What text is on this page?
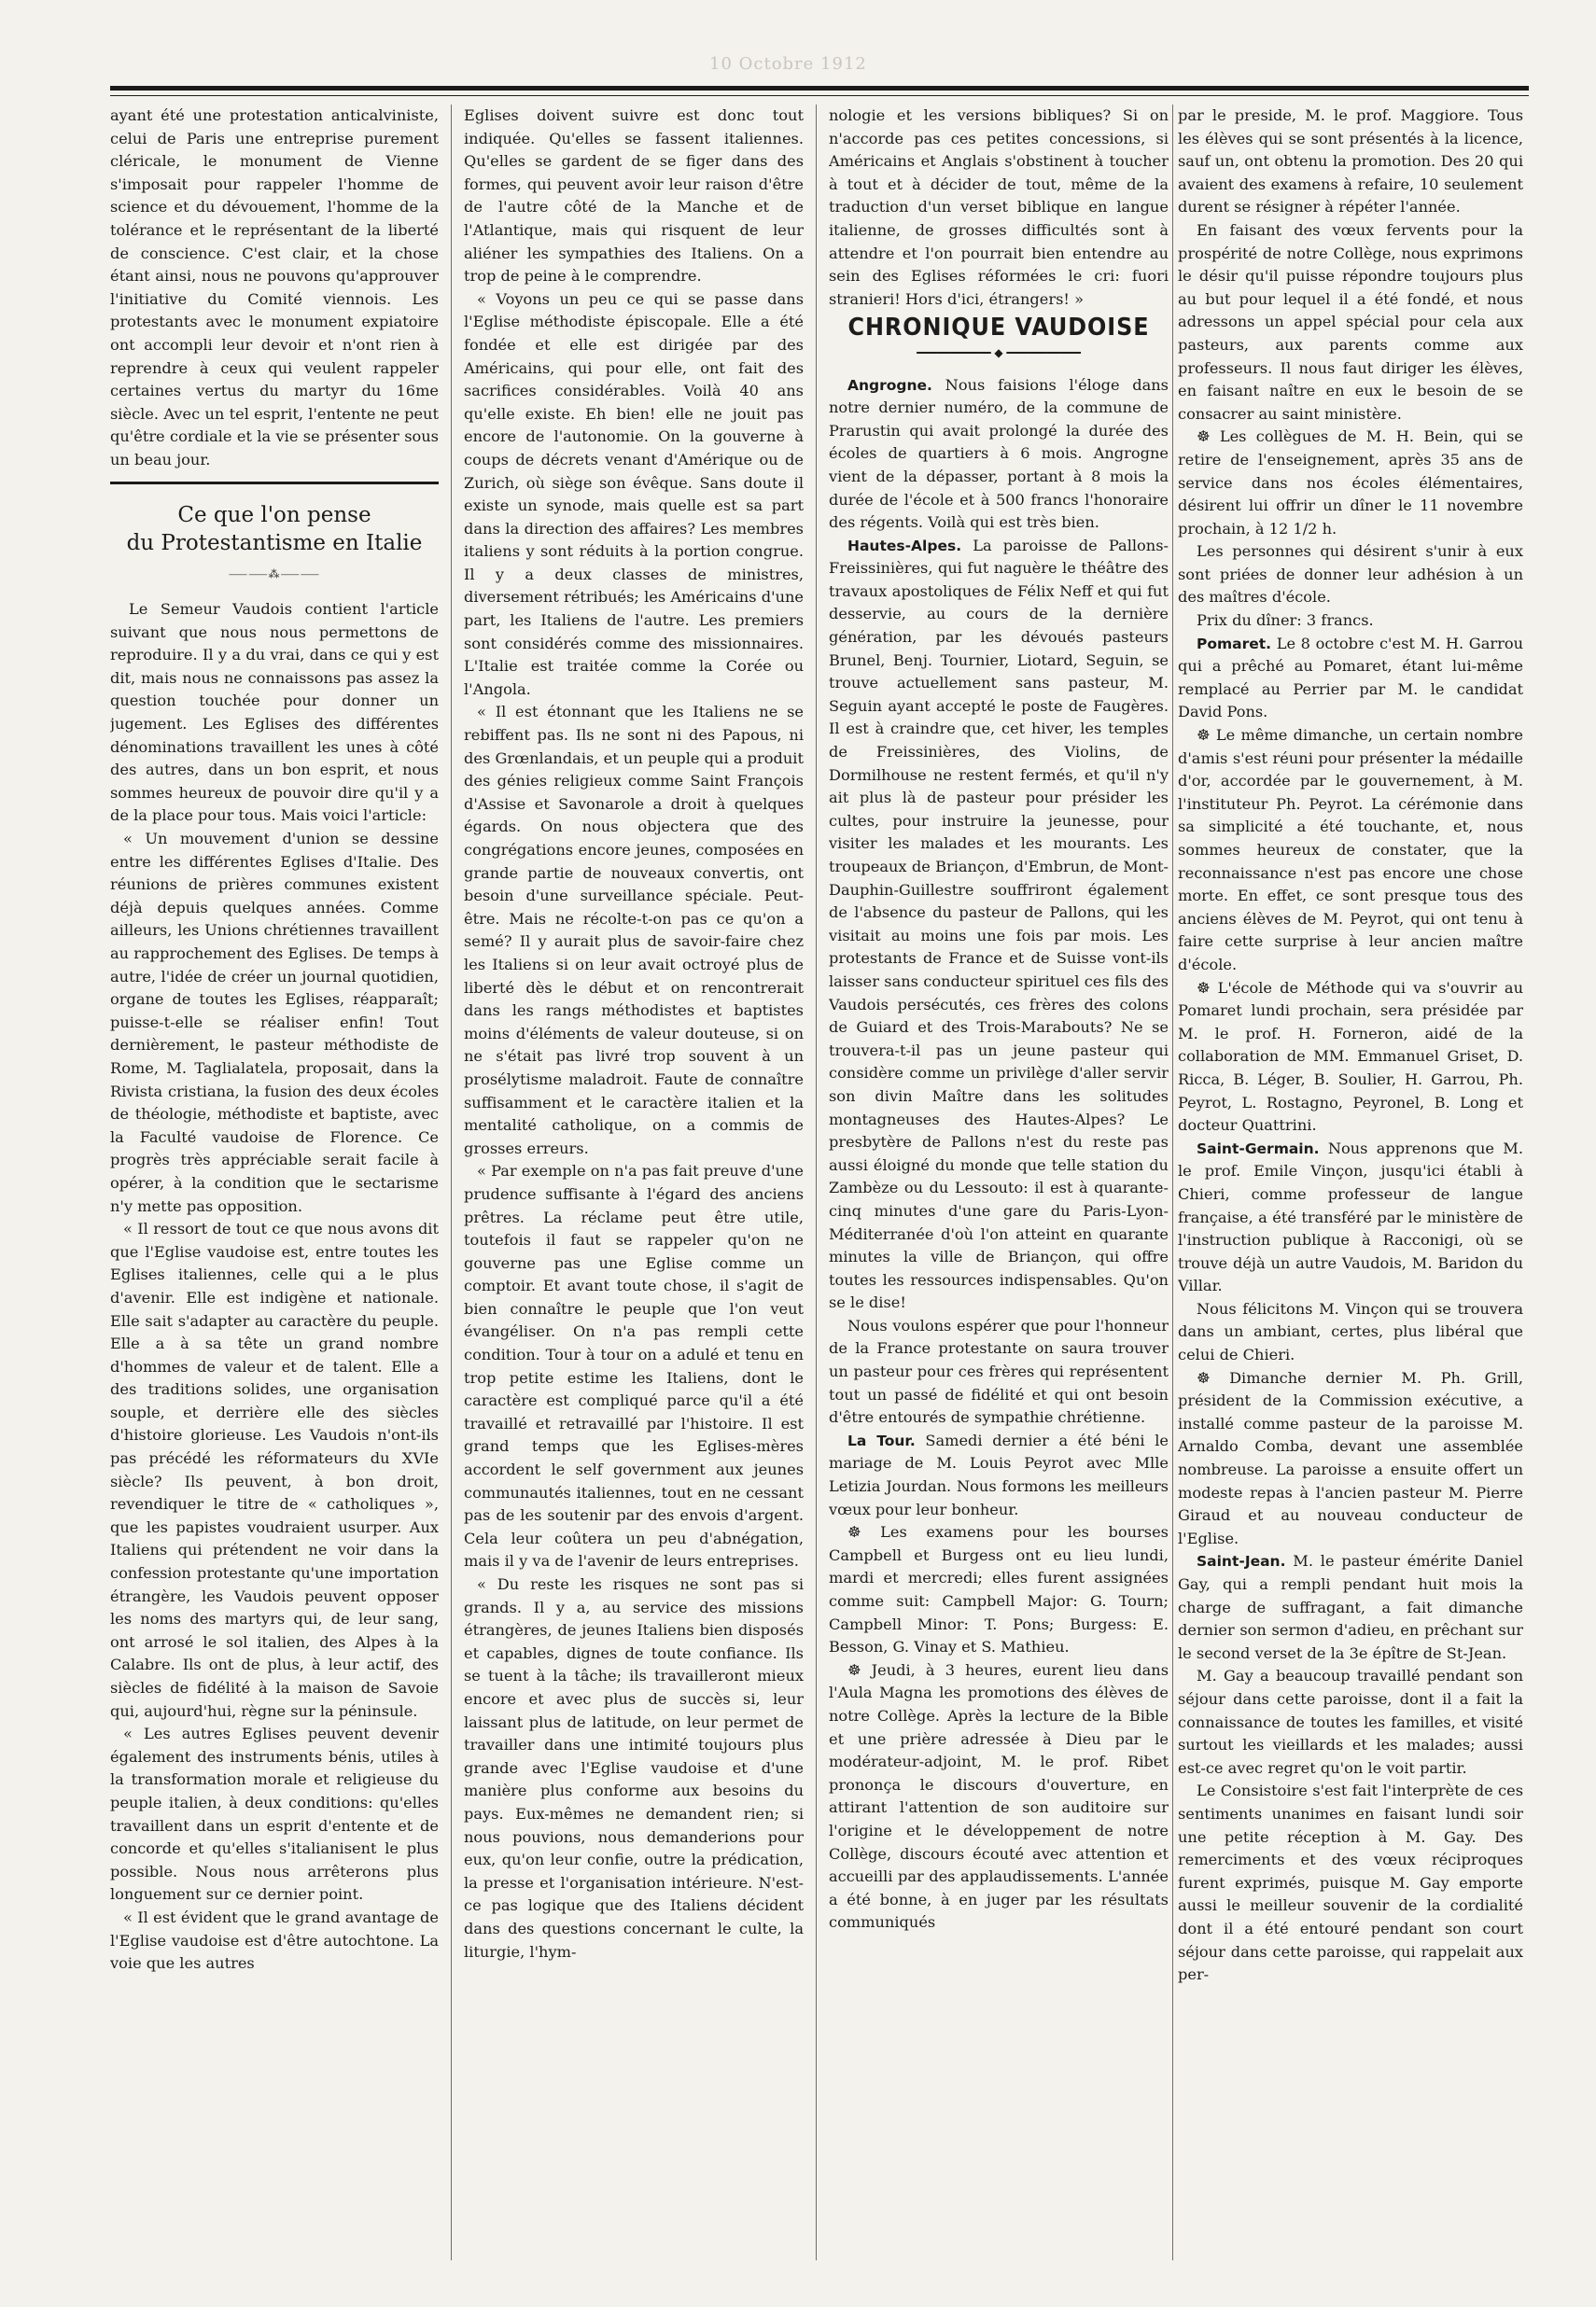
10 Octobre 1912

ayant été une protestation anticalviniste, celui de Paris une entreprise purement cléricale, le monument de Vienne s'imposait pour rappeler l'homme de science et du dévouement, l'homme de la tolérance et le représentant de la liberté de conscience. C'est clair, et la chose étant ainsi, nous ne pouvons qu'approuver l'initiative du Comité viennois. Les protestants avec le monument expiatoire ont accompli leur devoir et n'ont rien à reprendre à ceux qui veulent rappeler certaines vertus du martyr du 16me siècle. Avec un tel esprit, l'entente ne peut qu'être cordiale et la vie se présenter sous un beau jour.

Ce que l'on pense
du Protestantisme en Italie
⸺⸺⁂⸺⸺

Le Semeur Vaudois contient l'article suivant que nous nous permettons de reproduire. Il y a du vrai, dans ce qui y est dit, mais nous ne connaissons pas assez la question touchée pour donner un jugement. Les Eglises des différentes dénominations travaillent les unes à côté des autres, dans un bon esprit, et nous sommes heureux de pouvoir dire qu'il y a de la place pour tous. Mais voici l'article:

« Un mouvement d'union se dessine entre les différentes Eglises d'Italie. Des réunions de prières communes existent déjà depuis quelques années. Comme ailleurs, les Unions chrétiennes travaillent au rapprochement des Eglises. De temps à autre, l'idée de créer un journal quotidien, organe de toutes les Eglises, réapparaît; puisse-t-elle se réaliser enfin! Tout dernièrement, le pasteur méthodiste de Rome, M. Taglialatela, proposait, dans la Rivista cristiana, la fusion des deux écoles de théologie, méthodiste et baptiste, avec la Faculté vaudoise de Florence. Ce progrès très appréciable serait facile à opérer, à la condition que le sectarisme n'y mette pas opposition.

« Il ressort de tout ce que nous avons dit que l'Eglise vaudoise est, entre toutes les Eglises italiennes, celle qui a le plus d'avenir. Elle est indigène et nationale. Elle sait s'adapter au caractère du peuple. Elle a à sa tête un grand nombre d'hommes de valeur et de talent. Elle a des traditions solides, une organisation souple, et derrière elle des siècles d'histoire glorieuse. Les Vaudois n'ont-ils pas précédé les réformateurs du XVIe siècle? Ils peuvent, à bon droit, revendiquer le titre de « catholiques », que les papistes voudraient usurper. Aux Italiens qui prétendent ne voir dans la confession protestante qu'une importation étrangère, les Vaudois peuvent opposer les noms des martyrs qui, de leur sang, ont arrosé le sol italien, des Alpes à la Calabre. Ils ont de plus, à leur actif, des siècles de fidélité à la maison de Savoie qui, aujourd'hui, règne sur la péninsule.

« Les autres Eglises peuvent devenir également des instruments bénis, utiles à la transformation morale et religieuse du peuple italien, à deux conditions: qu'elles travaillent dans un esprit d'entente et de concorde et qu'elles s'italianisent le plus possible. Nous nous arrêterons plus longuement sur ce dernier point.

« Il est évident que le grand avantage de l'Eglise vaudoise est d'être autochtone. La voie que les autres

Eglises doivent suivre est donc tout indiquée. Qu'elles se fassent italiennes. Qu'elles se gardent de se figer dans des formes, qui peuvent avoir leur raison d'être de l'autre côté de la Manche et de l'Atlantique, mais qui risquent de leur aliéner les sympathies des Italiens. On a trop de peine à le comprendre.

« Voyons un peu ce qui se passe dans l'Eglise méthodiste épiscopale. Elle a été fondée et elle est dirigée par des Américains, qui pour elle, ont fait des sacrifices considérables. Voilà 40 ans qu'elle existe. Eh bien! elle ne jouit pas encore de l'autonomie. On la gouverne à coups de décrets venant d'Amérique ou de Zurich, où siège son évêque. Sans doute il existe un synode, mais quelle est sa part dans la direction des affaires? Les membres italiens y sont réduits à la portion congrue. Il y a deux classes de ministres, diversement rétribués; les Américains d'une part, les Italiens de l'autre. Les premiers sont considérés comme des missionnaires. L'Italie est traitée comme la Corée ou l'Angola.

« Il est étonnant que les Italiens ne se rebiffent pas. Ils ne sont ni des Papous, ni des Grœnlandais, et un peuple qui a produit des génies religieux comme Saint François d'Assise et Savonarole a droit à quelques égards. On nous objectera que des congrégations encore jeunes, composées en grande partie de nouveaux convertis, ont besoin d'une surveillance spéciale. Peut-être. Mais ne récolte-t-on pas ce qu'on a semé? Il y aurait plus de savoir-faire chez les Italiens si on leur avait octroyé plus de liberté dès le début et on rencontrerait dans les rangs méthodistes et baptistes moins d'éléments de valeur douteuse, si on ne s'était pas livré trop souvent à un prosélytisme maladroit. Faute de connaître suffisamment et le caractère italien et la mentalité catholique, on a commis de grosses erreurs.

« Par exemple on n'a pas fait preuve d'une prudence suffisante à l'égard des anciens prêtres. La réclame peut être utile, toutefois il faut se rappeler qu'on ne gouverne pas une Eglise comme un comptoir. Et avant toute chose, il s'agit de bien connaître le peuple que l'on veut évangéliser. On n'a pas rempli cette condition. Tour à tour on a adulé et tenu en trop petite estime les Italiens, dont le caractère est compliqué parce qu'il a été travaillé et retravaillé par l'histoire. Il est grand temps que les Eglises-mères accordent le self government aux jeunes communautés italiennes, tout en ne cessant pas de les soutenir par des envois d'argent. Cela leur coûtera un peu d'abnégation, mais il y va de l'avenir de leurs entreprises.

« Du reste les risques ne sont pas si grands. Il y a, au service des missions étrangères, de jeunes Italiens bien disposés et capables, dignes de toute confiance. Ils se tuent à la tâche; ils travailleront mieux encore et avec plus de succès si, leur laissant plus de latitude, on leur permet de travailler dans une intimité toujours plus grande avec l'Eglise vaudoise et d'une manière plus conforme aux besoins du pays. Eux-mêmes ne demandent rien; si nous pouvions, nous demanderions pour eux, qu'on leur confie, outre la prédication, la presse et l'organisation intérieure. N'est-ce pas logique que des Italiens décident dans des questions concernant le culte, la liturgie, l'hym-

nologie et les versions bibliques? Si on n'accorde pas ces petites concessions, si Américains et Anglais s'obstinent à toucher à tout et à décider de tout, même de la traduction d'un verset biblique en langue italienne, de grosses difficultés sont à attendre et l'on pourrait bien entendre au sein des Eglises réformées le cri: fuori stranieri! Hors d'ici, étrangers! »

CHRONIQUE VAUDOISE
━━━━━━━━━━━ ◆ ━━━━━━━━━━━

Angrogne. Nous faisions l'éloge dans notre dernier numéro, de la commune de Prarustin qui avait prolongé la durée des écoles de quartiers à 6 mois. Angrogne vient de la dépasser, portant à 8 mois la durée de l'école et à 500 francs l'honoraire des régents. Voilà qui est très bien.

Hautes-Alpes. La paroisse de Pallons-Freissinières, qui fut naguère le théâtre des travaux apostoliques de Félix Neff et qui fut desservie, au cours de la dernière génération, par les dévoués pasteurs Brunel, Benj. Tournier, Liotard, Seguin, se trouve actuellement sans pasteur, M. Seguin ayant accepté le poste de Faugères. Il est à craindre que, cet hiver, les temples de Freissinières, des Violins, de Dormilhouse ne restent fermés, et qu'il n'y ait plus là de pasteur pour présider les cultes, pour instruire la jeunesse, pour visiter les malades et les mourants. Les troupeaux de Briançon, d'Embrun, de Mont-Dauphin-Guillestre souffriront également de l'absence du pasteur de Pallons, qui les visitait au moins une fois par mois. Les protestants de France et de Suisse vont-ils laisser sans conducteur spirituel ces fils des Vaudois persécutés, ces frères des colons de Guiard et des Trois-Marabouts? Ne se trouvera-t-il pas un jeune pasteur qui considère comme un privilège d'aller servir son divin Maître dans les solitudes montagneuses des Hautes-Alpes? Le presbytère de Pallons n'est du reste pas aussi éloigné du monde que telle station du Zambèze ou du Lessouto: il est à quarante-cinq minutes d'une gare du Paris-Lyon-Méditerranée d'où l'on atteint en quarante minutes la ville de Briançon, qui offre toutes les ressources indispensables. Qu'on se le dise!

Nous voulons espérer que pour l'honneur de la France protestante on saura trouver un pasteur pour ces frères qui représentent tout un passé de fidélité et qui ont besoin d'être entourés de sympathie chrétienne.

La Tour. Samedi dernier a été béni le mariage de M. Louis Peyrot avec Mlle Letizia Jourdan. Nous formons les meilleurs vœux pour leur bonheur.

☸ Les examens pour les bourses Campbell et Burgess ont eu lieu lundi, mardi et mercredi; elles furent assignées comme suit: Campbell Major: G. Tourn; Campbell Minor: T. Pons; Burgess: E. Besson, G. Vinay et S. Mathieu.

☸ Jeudi, à 3 heures, eurent lieu dans l'Aula Magna les promotions des élèves de notre Collège. Après la lecture de la Bible et une prière adressée à Dieu par le modérateur-adjoint, M. le prof. Ribet prononça le discours d'ouverture, en attirant l'attention de son auditoire sur l'origine et le développement de notre Collège, discours écouté avec attention et accueilli par des applaudissements. L'année a été bonne, à en juger par les résultats communiqués

par le preside, M. le prof. Maggiore. Tous les élèves qui se sont présentés à la licence, sauf un, ont obtenu la promotion. Des 20 qui avaient des examens à refaire, 10 seulement durent se résigner à répéter l'année.

En faisant des vœux fervents pour la prospérité de notre Collège, nous exprimons le désir qu'il puisse répondre toujours plus au but pour lequel il a été fondé, et nous adressons un appel spécial pour cela aux pasteurs, aux parents comme aux professeurs. Il nous faut diriger les élèves, en faisant naître en eux le besoin de se consacrer au saint ministère.

☸ Les collègues de M. H. Bein, qui se retire de l'enseignement, après 35 ans de service dans nos écoles élémentaires, désirent lui offrir un dîner le 11 novembre prochain, à 12 1/2 h.

Les personnes qui désirent s'unir à eux sont priées de donner leur adhésion à un des maîtres d'école.

Prix du dîner: 3 francs.

Pomaret. Le 8 octobre c'est M. H. Garrou qui a prêché au Pomaret, étant lui-même remplacé au Perrier par M. le candidat David Pons.

☸ Le même dimanche, un certain nombre d'amis s'est réuni pour présenter la médaille d'or, accordée par le gouvernement, à M. l'instituteur Ph. Peyrot. La cérémonie dans sa simplicité a été touchante, et, nous sommes heureux de constater, que la reconnaissance n'est pas encore une chose morte. En effet, ce sont presque tous des anciens élèves de M. Peyrot, qui ont tenu à faire cette surprise à leur ancien maître d'école.

☸ L'école de Méthode qui va s'ouvrir au Pomaret lundi prochain, sera présidée par M. le prof. H. Forneron, aidé de la collaboration de MM. Emmanuel Griset, D. Ricca, B. Léger, B. Soulier, H. Garrou, Ph. Peyrot, L. Rostagno, Peyronel, B. Long et docteur Quattrini.

Saint-Germain. Nous apprenons que M. le prof. Emile Vinçon, jusqu'ici établi à Chieri, comme professeur de langue française, a été transféré par le ministère de l'instruction publique à Racconigi, où se trouve déjà un autre Vaudois, M. Baridon du Villar.

Nous félicitons M. Vinçon qui se trouvera dans un ambiant, certes, plus libéral que celui de Chieri.

☸ Dimanche dernier M. Ph. Grill, président de la Commission exécutive, a installé comme pasteur de la paroisse M. Arnaldo Comba, devant une assemblée nombreuse. La paroisse a ensuite offert un modeste repas à l'ancien pasteur M. Pierre Giraud et au nouveau conducteur de l'Eglise.

Saint-Jean. M. le pasteur émérite Daniel Gay, qui a rempli pendant huit mois la charge de suffragant, a fait dimanche dernier son sermon d'adieu, en prêchant sur le second verset de la 3e épître de St-Jean.

M. Gay a beaucoup travaillé pendant son séjour dans cette paroisse, dont il a fait la connaissance de toutes les familles, et visité surtout les vieillards et les malades; aussi est-ce avec regret qu'on le voit partir.

Le Consistoire s'est fait l'interprète de ces sentiments unanimes en faisant lundi soir une petite réception à M. Gay. Des remerciments et des vœux réciproques furent exprimés, puisque M. Gay emporte aussi le meilleur souvenir de la cordialité dont il a été entouré pendant son court séjour dans cette paroisse, qui rappelait aux per-
